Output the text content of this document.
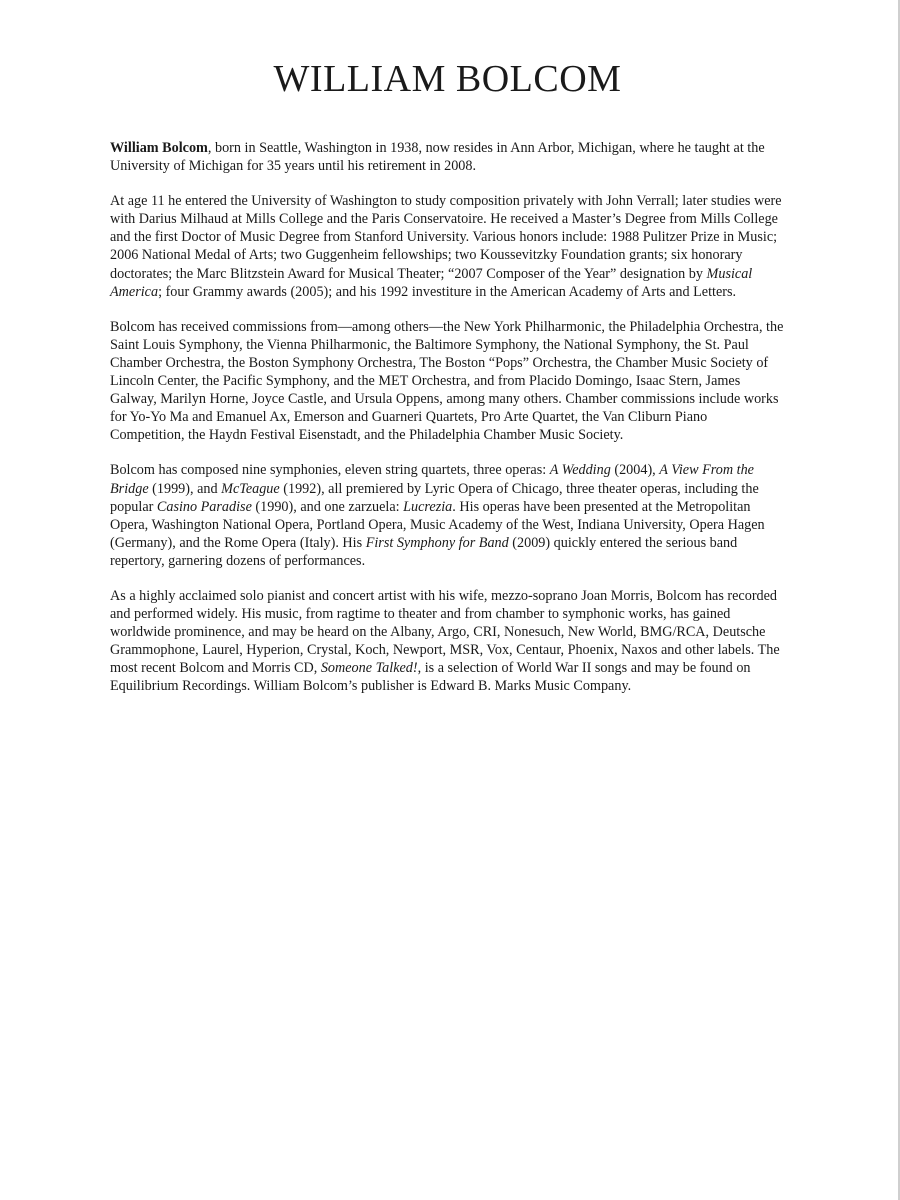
WILLIAM BOLCOM

William Bolcom, born in Seattle, Washington in 1938, now resides in Ann Arbor, Michigan, where he taught at the University of Michigan for 35 years until his retirement in 2008.

At age 11 he entered the University of Washington to study composition privately with John Verrall; later studies were with Darius Milhaud at Mills College and the Paris Conservatoire. He received a Master’s Degree from Mills College and the first Doctor of Music Degree from Stanford University. Various honors include: 1988 Pulitzer Prize in Music; 2006 National Medal of Arts; two Guggenheim fellowships; two Koussevitzky Foundation grants; six honorary doctorates; the Marc Blitzstein Award for Musical Theater; “2007 Composer of the Year” designation by Musical America; four Grammy awards (2005); and his 1992 investiture in the American Academy of Arts and Letters.

Bolcom has received commissions from—among others—the New York Philharmonic, the Philadelphia Orchestra, the Saint Louis Symphony, the Vienna Philharmonic, the Baltimore Symphony, the National Symphony, the St. Paul Chamber Orchestra, the Boston Symphony Orchestra, The Boston “Pops” Orchestra, the Chamber Music Society of Lincoln Center, the Pacific Symphony, and the MET Orchestra, and from Placido Domingo, Isaac Stern, James Galway, Marilyn Horne, Joyce Castle, and Ursula Oppens, among many others. Chamber commissions include works for Yo-Yo Ma and Emanuel Ax, Emerson and Guarneri Quartets, Pro Arte Quartet, the Van Cliburn Piano Competition, the Haydn Festival Eisenstadt, and the Philadelphia Chamber Music Society.

Bolcom has composed nine symphonies, eleven string quartets, three operas: A Wedding (2004), A View From the Bridge (1999), and McTeague (1992), all premiered by Lyric Opera of Chicago, three theater operas, including the popular Casino Paradise (1990), and one zarzuela: Lucrezia. His operas have been presented at the Metropolitan Opera, Washington National Opera, Portland Opera, Music Academy of the West, Indiana University, Opera Hagen (Germany), and the Rome Opera (Italy). His First Symphony for Band (2009) quickly entered the serious band repertory, garnering dozens of performances.

As a highly acclaimed solo pianist and concert artist with his wife, mezzo-soprano Joan Morris, Bolcom has recorded and performed widely. His music, from ragtime to theater and from chamber to symphonic works, has gained worldwide prominence, and may be heard on the Albany, Argo, CRI, Nonesuch, New World, BMG/RCA, Deutsche Grammophone, Laurel, Hyperion, Crystal, Koch, Newport, MSR, Vox, Centaur, Phoenix, Naxos and other labels. The most recent Bolcom and Morris CD, Someone Talked!, is a selection of World War II songs and may be found on Equilibrium Recordings. William Bolcom’s publisher is Edward B. Marks Music Company.
